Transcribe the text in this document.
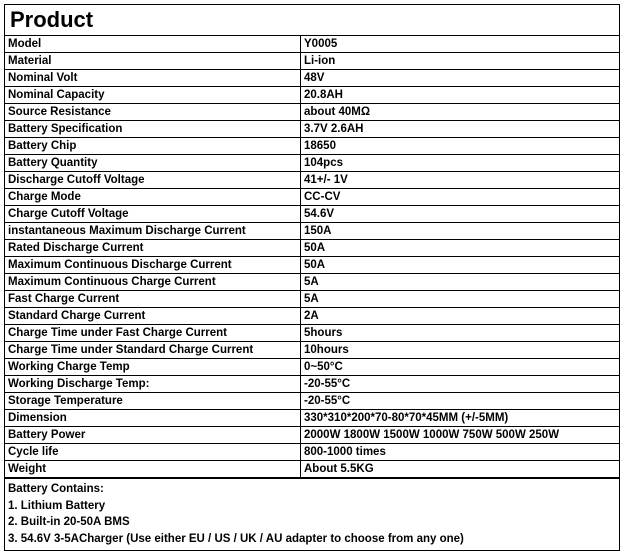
Product
Model	Y0005
Material	Li-ion
Nominal Volt	48V
Nominal Capacity	20.8AH
Source Resistance	about 40MΩ
Battery Specification	3.7V 2.6AH
Battery Chip	18650
Battery Quantity	104pcs
Discharge Cutoff Voltage	41+/- 1V
Charge Mode	CC-CV
Charge Cutoff Voltage	54.6V
instantaneous Maximum Discharge Current	150A
Rated Discharge Current	50A
Maximum Continuous Discharge Current	50A
Maximum Continuous Charge Current	5A
Fast Charge Current	5A
Standard Charge Current	2A
Charge Time under Fast Charge Current	5hours
Charge Time under Standard Charge Current	10hours
Working Charge Temp	0~50°C
Working Discharge Temp:	-20-55°C
Storage Temperature	-20-55°C
Dimension	330*310*200*70-80*70*45MM (+/-5MM)
Battery Power	2000W 1800W 1500W 1000W 750W 500W 250W
Cycle life	800-1000 times
Weight	About 5.5KG
Battery Contains:
1. Lithium Battery
2. Built-in 20-50A BMS
3. 54.6V 3-5ACharger (Use either EU / US / UK / AU adapter to choose from any one)
